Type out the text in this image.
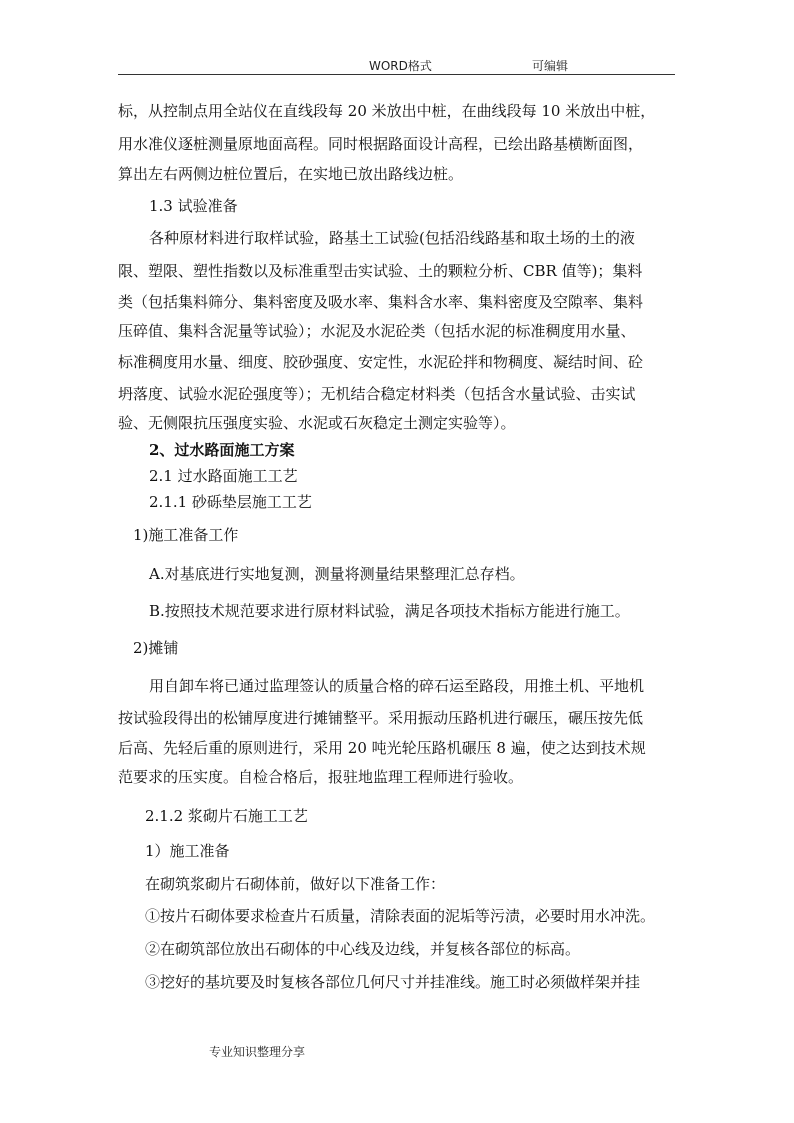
WORD格式	可编辑
标，从控制点用全站仪在直线段每 20 米放出中桩，在曲线段每 10 米放出中桩，
用水准仪逐桩测量原地面高程。同时根据路面设计高程，已绘出路基横断面图，
算出左右两侧边桩位置后，在实地已放出路线边桩。
1.3 试验准备
各种原材料进行取样试验，路基土工试验(包括沿线路基和取土场的土的液
限、塑限、塑性指数以及标准重型击实试验、土的颗粒分析、CBR 值等)；集料
类（包括集料筛分、集料密度及吸水率、集料含水率、集料密度及空隙率、集料
压碎值、集料含泥量等试验）；水泥及水泥砼类（包括水泥的标准稠度用水量、
标准稠度用水量、细度、胶砂强度、安定性，水泥砼拌和物稠度、凝结时间、砼
坍落度、试验水泥砼强度等）；无机结合稳定材料类（包括含水量试验、击实试
验、无侧限抗压强度实验、水泥或石灰稳定土测定实验等）。
2、过水路面施工方案
2.1 过水路面施工工艺
2.1.1 砂砾垫层施工工艺
1)施工准备工作
A.对基底进行实地复测，测量将测量结果整理汇总存档。
B.按照技术规范要求进行原材料试验，满足各项技术指标方能进行施工。
2)摊铺
用自卸车将已通过监理签认的质量合格的碎石运至路段，用推土机、平地机
按试验段得出的松铺厚度进行摊铺整平。采用振动压路机进行碾压，碾压按先低
后高、先轻后重的原则进行，采用 20 吨光轮压路机碾压 8 遍，使之达到技术规
范要求的压实度。自检合格后，报驻地监理工程师进行验收。
2.1.2 浆砌片石施工工艺
1）施工准备
在砌筑浆砌片石砌体前，做好以下准备工作：
①按片石砌体要求检查片石质量，清除表面的泥垢等污渍，必要时用水冲洗。
②在砌筑部位放出石砌体的中心线及边线，并复核各部位的标高。
③挖好的基坑要及时复核各部位几何尺寸并挂准线。施工时必须做样架并挂
专业知识整理分享
